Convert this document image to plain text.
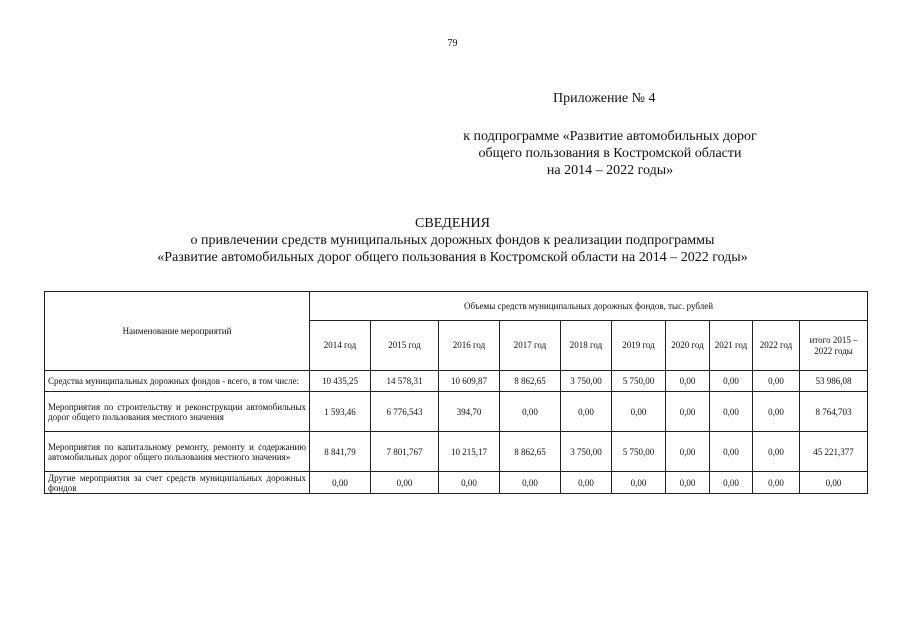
79
Приложение № 4
к подпрограмме «Развитие автомобильных дорог
общего пользования в Костромской области
на 2014 – 2022 годы»
СВЕДЕНИЯ
о привлечении средств муниципальных дорожных фондов к реализации подпрограммы
«Развитие автомобильных дорог общего пользования в Костромской области на 2014 – 2022 годы»
Наименование мероприятий	Объемы средств муниципальных дорожных фондов, тыс. рублей									
	2014 год	2015 год	2016 год	2017 год	2018 год	2019 год	2020 год	2021 год	2022 год	итого 2015 – 2022 годы
Средства муниципальных дорожных фондов - всего, в том числе:	10 435,25	14 578,31	10 609,87	8 862,65	3 750,00	5 750,00	0,00	0,00	0,00	53 986,08
Мероприятия по строительству и реконструкции автомобильных дорог общего пользования местного значения	1 593,46	6 776,543	394,70	0,00	0,00	0,00	0,00	0,00	0,00	8 764,703
Мероприятия по капитальному ремонту, ремонту и содержанию автомобильных дорог общего пользования местного значения»	8 841,79	7 801,767	10 215,17	8 862,65	3 750,00	5 750,00	0,00	0,00	0,00	45 221,377
Другие мероприятия за счет средств муниципальных дорожных фондов	0,00	0,00	0,00	0,00	0,00	0,00	0,00	0,00	0,00	0,00
